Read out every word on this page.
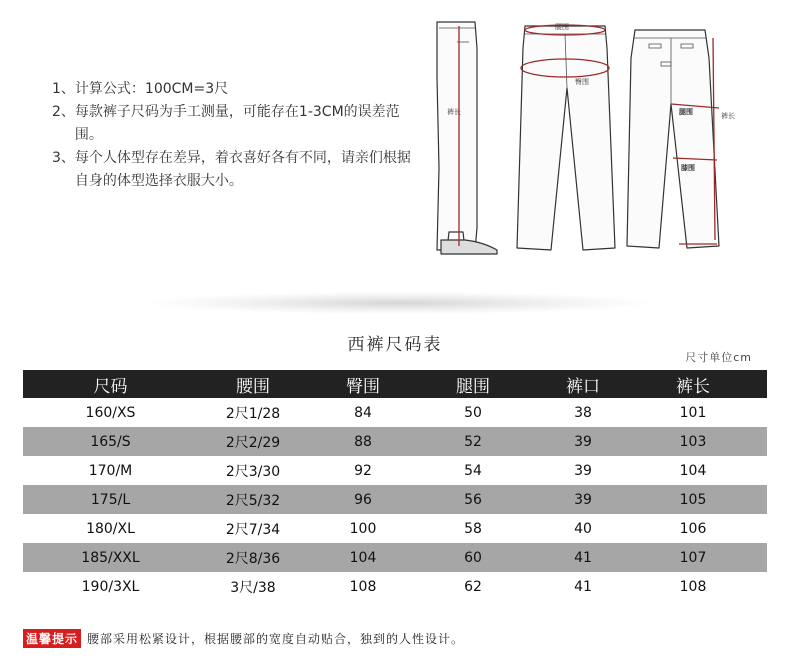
1、 计算公式：100CM=3尺
2、 每款裤子尺码为手工测量，可能存在1-3CM的误差范围。
3、 每个人体型存在差异，着衣喜好各有不同，请亲们根据自身的体型选择衣服大小。
裤长
腰围
臀围
腿围
膝围
裤长
西裤尺码表
尺寸单位cm
尺码	腰围	臀围	腿围	裤口	裤长
160/XS	2尺1/28	84	50	38	101
165/S	2尺2/29	88	52	39	103
170/M	2尺3/30	92	54	39	104
175/L	2尺5/32	96	56	39	105
180/XL	2尺7/34	100	58	40	106
185/XXL	2尺8/36	104	60	41	107
190/3XL	3尺/38	108	62	41	108
温馨提示 腰部采用松紧设计，根据腰部的宽度自动贴合，独到的人性设计。
